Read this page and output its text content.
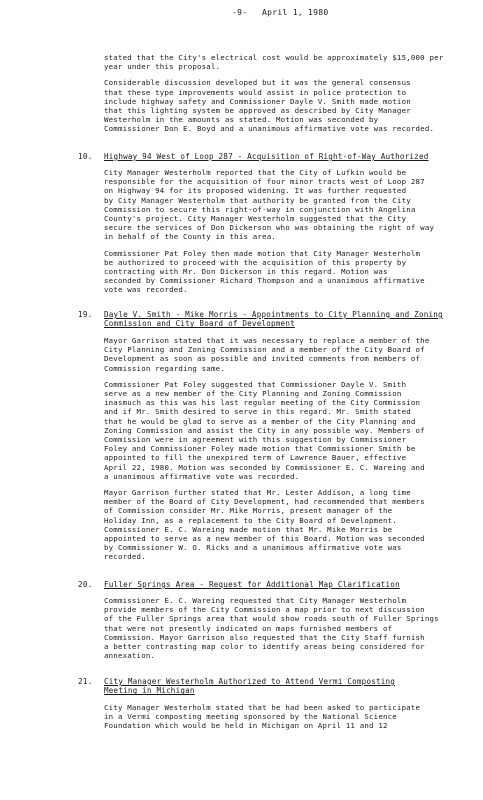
-9- April 1, 1980
stated that the City's electrical cost would be approximately $15,000 per
year under this proposal.
Considerable discussion developed but it was the general consensus
that these type improvements would assist in police protection to
include highway safety and Commissioner Dayle V. Smith made motion
that this lighting system be approved as described by City Manager
Westerholm in the amounts as stated. Motion was seconded by
Commissioner Don E. Boyd and a unanimous affirmative vote was recorded.
10. Highway 94 West of Loop 287 - Acquisition of Right-of-Way Authorized
City Manager Westerholm reported that the City of Lufkin would be
responsible for the acquisition of four minor tracts west of Loop 287
on Highway 94 for its proposed widening. It was further requested
by City Manager Westerholm that authority be granted from the City
Commission to secure this right-of-way in conjunction with Angelina
County's project. City Manager Westerholm suggested that the City
secure the services of Don Dickerson who was obtaining the right of way
in behalf of the County in this area.
Commissioner Pat Foley then made motion that City Manager Westerholm
be authorized to proceed with the acquisition of this property by
contracting with Mr. Don Dickerson in this regard. Motion was
seconded by Commissioner Richard Thompson and a unanimous affirmative
vote was recorded.
19. Dayle V. Smith - Mike Morris - Appointments to City Planning and Zoning
Commission and City Board of Development
Mayor Garrison stated that it was necessary to replace a member of the
City Planning and Zoning Commission and a member of the City Board of
Development as soon as possible and invited comments from members of
Commission regarding same.
Commissioner Pat Foley suggested that Commissioner Dayle V. Smith
serve as a new member of the City Planning and Zoning Commission
inasmuch as this was his last regular meeting of the City Commission
and if Mr. Smith desired to serve in this regard. Mr. Smith stated
that he would be glad to serve as a member of the City Planning and
Zoning Commission and assist the City in any possible way. Members of
Commission were in agreement with this suggestion by Commissioner
Foley and Commissioner Foley made motion that Commissioner Smith be
appointed to fill the unexpired term of Lawrence Bauer, effective
April 22, 1980. Motion was seconded by Commissioner E. C. Wareing and
a unanimous affirmative vote was recorded.
Mayor Garrison further stated that Mr. Lester Addison, a long time
member of the Board of City Development, had recommended that members
of Commission consider Mr. Mike Morris, present manager of the
Holiday Inn, as a replacement to the City Board of Development.
Commissioner E. C. Wareing made motion that Mr. Mike Morris be
appointed to serve as a new member of this Board. Motion was seconded
by Commissioner W. O. Ricks and a unanimous affirmative vote was
recorded.
20. Fuller Springs Area - Request for Additional Map Clarification
Commissioner E. C. Wareing requested that City Manager Westerholm
provide members of the City Commission a map prior to next discussion
of the Fuller Springs area that would show roads south of Fuller Springs
that were not presently indicated on maps furnished members of
Commission. Mayor Garrison also requested that the City Staff furnish
a better contrasting map color to identify areas being considered for
annexation.
21. City Manager Westerholm Authorized to Attend Vermi Composting
Meeting in Michigan
City Manager Westerholm stated that he had been asked to participate
in a Vermi composting meeting sponsored by the National Science
Foundation which would be held in Michigan on April 11 and 12
